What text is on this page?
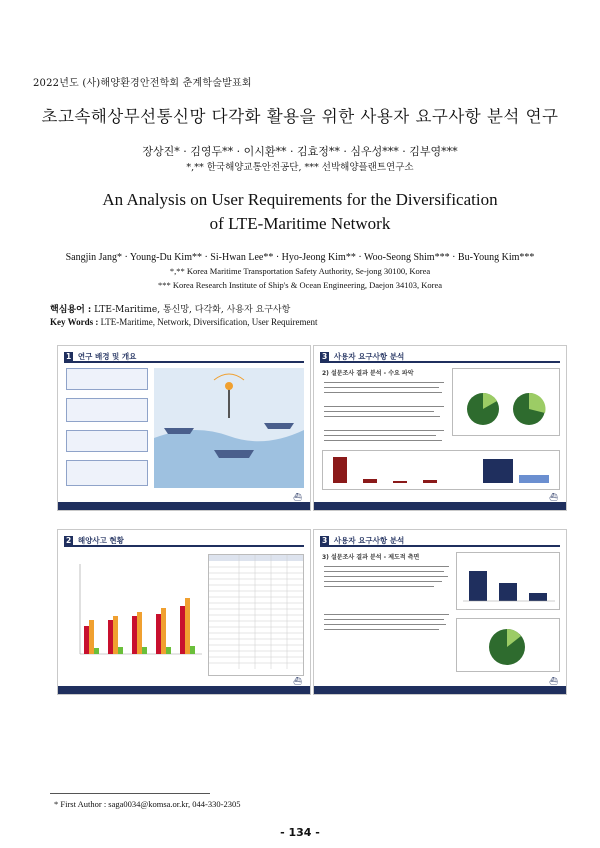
2022년도 (사)해양환경안전학회 춘계학술발표회
초고속해상무선통신망 다각화 활용을 위한 사용자 요구사항 분석 연구
장상진* · 김영두** · 이시환** · 김효정** · 심우성*** · 김부영***
*,** 한국해양교통안전공단, *** 선박해양플랜트연구소
An Analysis on User Requirements for the Diversification
of LTE-Maritime Network
Sangjin Jang* · Young-Du Kim** · Si-Hwan Lee** · Hyo-Jeong Kim** · Woo-Seong Shim*** · Bu-Young Kim***
*,** Korea Maritime Transportation Safety Authority, Se-jong 30100, Korea
*** Korea Research Institute of Ship's & Ocean Engineering, Daejon 34103, Korea
핵심용어 : LTE-Maritime, 통신망, 다각화, 사용자 요구사항
Key Words : LTE-Maritime, Network, Diversification, User Requirement
1 연구 배경 및 개요
⛴
3 사용자 요구사항 분석
2) 설문조사 결과 분석 - 수요 파악
⛴
2 해양사고 현황
⛴
3 사용자 요구사항 분석
3) 설문조사 결과 분석 - 제도적 측면
⛴
* First Author : saga0034@komsa.or.kr, 044-330-2305
- 134 -
